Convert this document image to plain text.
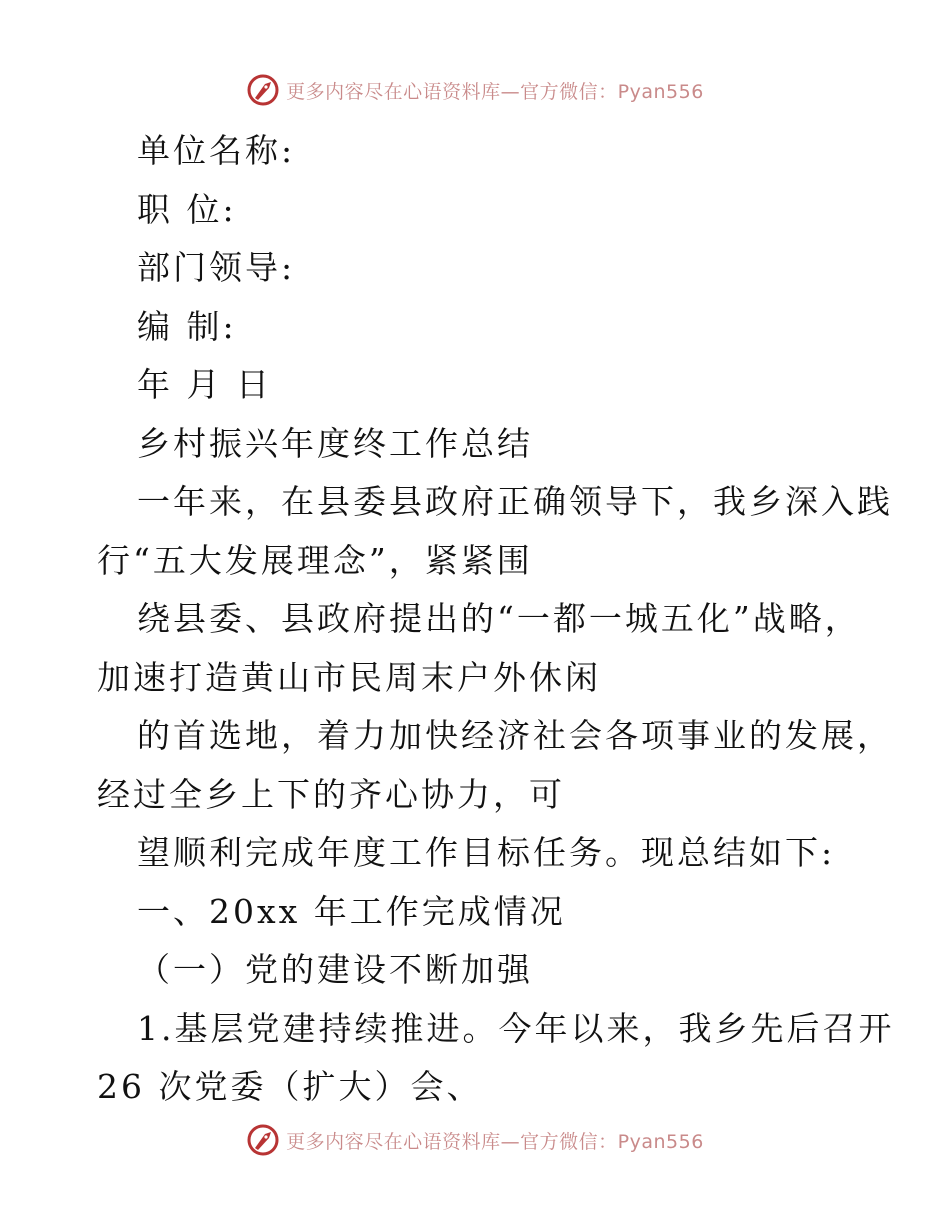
更多内容尽在心语资料库—官方微信：Pyan556
单位名称:
职 位:
部门领导:
编 制:
年 月 日
乡村振兴年度终工作总结
一年来，在县委县政府正确领导下，我乡深入践
行“五大发展理念”，紧紧围
绕县委、县政府提出的“一都一城五化”战略，
加速打造黄山市民周末户外休闲
的首选地，着力加快经济社会各项事业的发展，
经过全乡上下的齐心协力，可
望顺利完成年度工作目标任务。现总结如下:
一、20xx 年工作完成情况
（一）党的建设不断加强
1.基层党建持续推进。今年以来，我乡先后召开
26 次党委（扩大）会、
更多内容尽在心语资料库—官方微信：Pyan556
